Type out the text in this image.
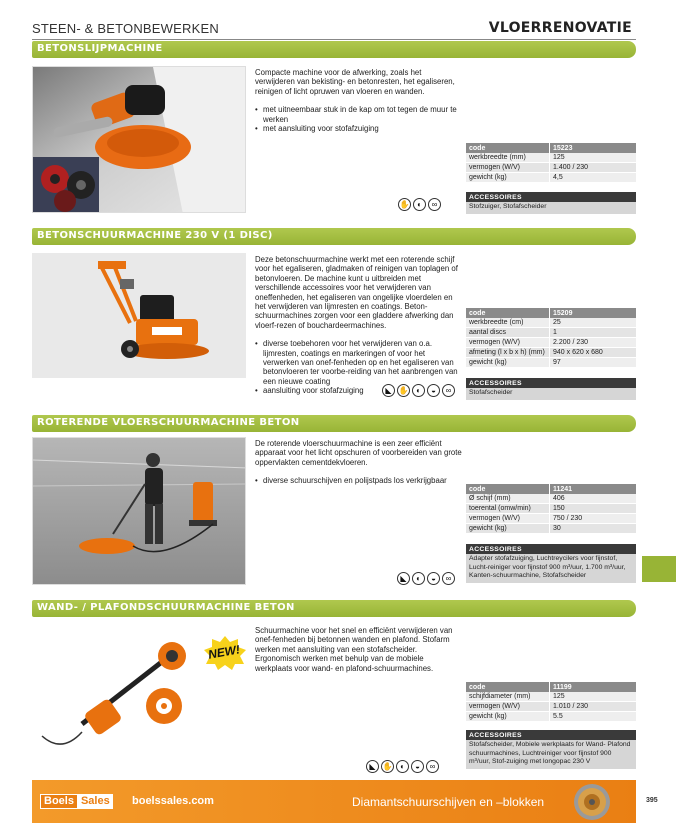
STEEN- & BETONBEWERKEN	VLOERRENOVATIE
BETONSLIJPMACHINE

Compacte machine voor de afwerking, zoals het verwijderen van bekisting- en betonresten, het egaliseren, reinigen of licht opruwen van vloeren en wanden.

• met uitneembaar stuk in de kap om tot tegen de muur te werken
• met aansluiting voor stofafzuiging
code	15223
werkbreedte (mm)	125
vermogen (W/V)	1.400 / 230
gewicht (kg)	4,5
ACCESSOIRES
Stofzuiger, Stofafscheider
✋ ◐	∞
BETONSCHUURMACHINE 230 V (1 DISC)

Deze betonschuurmachine werkt met een roterende schijf voor het egaliseren, gladmaken of reinigen van toplagen of betonvloeren. De machine kunt u uitbreiden met verschillende accessoires voor het verwijderen van oneffenheden, het egaliseren van ongelijke vloerdelen en het verwijderen van lijmresten en coatings. Beton-schuurmachines zorgen voor een gladdere afwerking dan vloerf-rezen of bouchardeermachines.

• diverse toebehoren voor het verwijderen van o.a. lijmresten, coatings en markeringen of voor het verwerken van onef-fenheden op en het egaliseren van betonvloeren ter voorbe-reiding van het aanbrengen van een nieuwe coating
• aansluiting voor stofafzuiging
code	15209
werkbreedte (cm)	25
aantal discs	1
vermogen (W/V)	2.200 / 230
afmeting (l x b x h) (mm)	940 x 620 x 680
gewicht (kg)	97
ACCESSOIRES
Stofafscheider
◣ ✋ ◐	◒	∞
ROTERENDE VLOERSCHUURMACHINE BETON

De roterende vloerschuurmachine is een zeer efficiënt apparaat voor het licht opschuren of voorbereiden van grote oppervlakten cementdekvloeren.

• diverse schuurschijven en polijstpads los verkrijgbaar
code	11241
Ø schijf (mm)	406
toerental (omw/min)	150
vermogen (W/V)	750 / 230
gewicht (kg)	30
ACCESSOIRES
Adapter stofafzuiging, Luchtreycilers voor fijnstof, Lucht-reiniger voor fijnstof 900 m³/uur, 1.700 m³/uur, Kanten-schuurmachine, Stofafscheider
◣	◐	◒	∞
WAND- / PLAFONDSCHUURMACHINE BETON
NEW!

Schuurmachine voor het snel en efficiënt verwijderen van onef-fenheden bij betonnen wanden en plafond. Stofarm werken met aansluiting van een stofafscheider. Ergonomisch werken met behulp van de mobiele werkplaats voor wand- en plafond-schuurmachines.

code	11199
schijfdiameter (mm)	125
vermogen (W/V)	1.010 / 230
gewicht (kg)	5.5
ACCESSOIRES
Stofafscheider, Mobiele werkplaats for Wand- Plafond schuurmachines, Luchtreiniger voor fijnstof 900 m³/uur, Stof-zuiging met longopac 230 V
◣ ✋ ◐	◒	∞
Boels Sales boelssales.com	Diamantschuurschijven en –blokken	395
